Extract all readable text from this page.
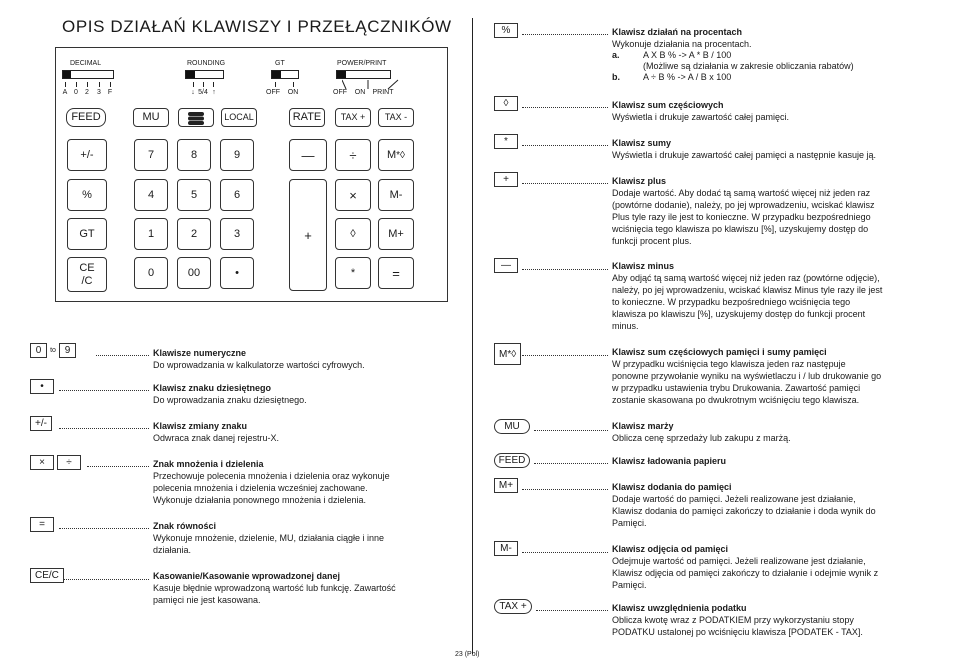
OPIS DZIAŁAŃ KLAWISZY I PRZEŁĄCZNIKÓW
DECIMAL
A 0 2 3 F
ROUNDING
↓ 5/4 ↑
GT
OFF ON
POWER/PRINT
OFF ON PRINT
FEED	MU	LOCAL	RATE	TAX +	TAX -
+/-
%
GT
CE
/C
7	8	9
4	5	6
1	2	3
0	00	•
—
+
÷
×
◊
*
M *◊
M-
M+
=
0	to 9	Klawisze numeryczne
Do wprowadzania w kalkulatorze wartości cyfrowych.
•	Klawisz znaku dziesiętnego
Do wprowadzania znaku dziesiętnego.
+/-	Klawisz zmiany znaku
Odwraca znak danej rejestru-X.
×	÷	Znak mnożenia i dzielenia
Przechowuje polecenia mnożenia i dzielenia oraz wykonuje
polecenia mnożenia i dzielenia wcześniej zachowane.
Wykonuje działania ponownego mnożenia i dzielenia.
=	Znak równości
Wykonuje mnożenie, dzielenie, MU, działania ciągłe i inne
działania.
CE/C	Kasowanie/Kasowanie wprowadzonej danej
Kasuje błędnie wprowadzoną wartość lub funkcję. Zawartość
pamięci nie jest kasowana.
%	Klawisz działań na procentach
Wykonuje działania na procentach.
a.	A X B % -> A * B / 100
(Możliwe są działania w zakresie obliczania rabatów)
b.	A ÷ B % -> A / B x 100
◊	Klawisz sum częściowych
Wyświetla i drukuje zawartość całej pamięci.
*	Klawisz sumy
Wyświetla i drukuje zawartość całej pamięci a następnie kasuje ją.
+	Klawisz plus
Dodaje wartość. Aby dodać tą samą wartość więcej niż jeden raz
(powtórne dodanie), należy, po jej wprowadzeniu, wciskać klawisz
Plus tyle razy ile jest to konieczne. W przypadku bezpośredniego
wciśnięcia tego klawisza po klawiszu [%], uzyskujemy dostęp do
funkcji procent plus.
—	Klawisz minus
Aby odjąć tą samą wartość więcej niż jeden raz (powtórne odjęcie),
należy, po jej wprowadzeniu, wciskać klawisz Minus tyle razy ile jest
to konieczne. W przypadku bezpośredniego wciśnięcia tego
klawisza po klawiszu [%], uzyskujemy dostęp do funkcji procent
minus.
M*◊	Klawisz sum częściowych pamięci i sumy pamięci
W przypadku wciśnięcia tego klawisza jeden raz następuje
ponowne przywołanie wyniku na wyświetlaczu i / lub drukowanie go
w przypadku ustawienia trybu Drukowania. Zawartość pamięci
zostanie skasowana po dwukrotnym wciśnięciu tego klawisza.
MU	Klawisz marży
Oblicza cenę sprzedaży lub zakupu z marżą.
FEED	Klawisz ładowania papieru
M+	Klawisz dodania do pamięci
Dodaje wartość do pamięci. Jeżeli realizowane jest działanie,
Klawisz dodania do pamięci zakończy to działanie i doda wynik do
Pamięci.
M-	Klawisz odjęcia od pamięci
Odejmuje wartość od pamięci. Jeżeli realizowane jest działanie,
Klawisz odjęcia od pamięci zakończy to działanie i odejmie wynik z
Pamięci.
TAX +	Klawisz uwzględnienia podatku
Oblicza kwotę wraz z PODATKIEM przy wykorzystaniu stopy
PODATKU ustalonej po wciśnięciu klawisza [PODATEK - TAX].
23 (Pol)
